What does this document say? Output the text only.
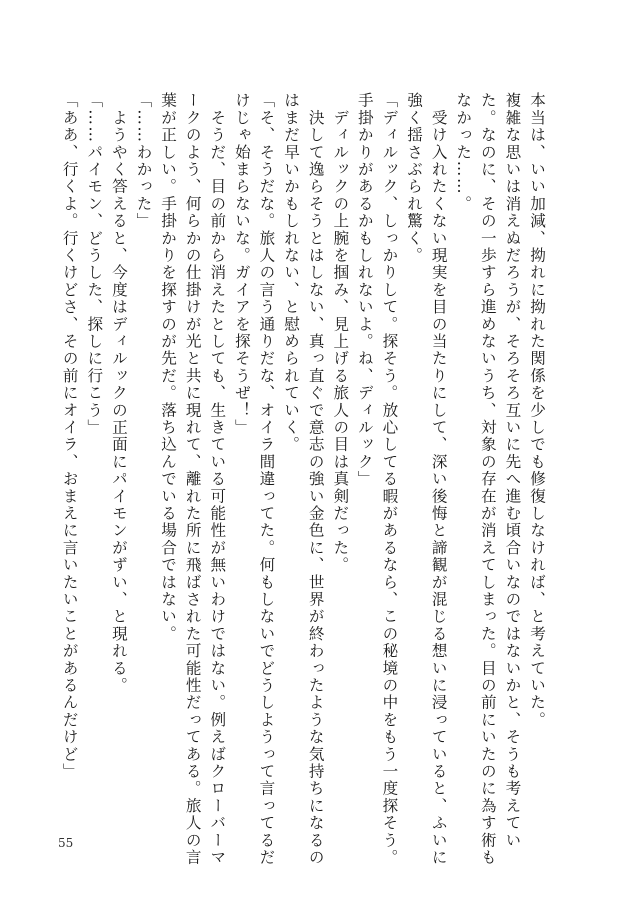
本当は、いい加減、拗れに拗れた関係を少しでも修復しなければ、と考えていた。

複雑な思いは消えぬだろうが、そろそろ互いに先へ進む頃合いなのではないかと、そうも考えてい

た。なのに、その一歩すら進めないうち、対象の存在が消えてしまった。目の前にいたのに為す術も

なかった……。

　受け入れたくない現実を目の当たりにして、深い後悔と諦観が混じる想いに浸っていると、ふいに

強く揺さぶられ驚く。

「ディルック、しっかりして。探そう。放心してる暇があるなら、この秘境の中をもう一度探そう。

手掛かりがあるかもしれないよ。ね、ディルック」

　ディルックの上腕を掴み、見上げる旅人の目は真剣だった。

　決して逸らそうとはしない、真っ直ぐで意志の強い金色に、世界が終わったような気持ちになるの

はまだ早いかもしれない、と慰められていく。

「そ、そうだな。旅人の言う通りだな、オイラ間違ってた。何もしないでどうしようって言ってるだ

けじゃ始まらないな。ガイアを探そうぜ！」

　そうだ、目の前から消えたとしても、生きている可能性が無いわけではない。例えばクローバーマ

ークのよう、何らかの仕掛けが光と共に現れて、離れた所に飛ばされた可能性だってある。旅人の言

葉が正しい。手掛かりを探すのが先だ。落ち込んでいる場合ではない。

「……わかった」

　ようやく答えると、今度はディルックの正面にパイモンがずい、と現れる。

「……パイモン、どうした、探しに行こう」

「ああ、行くよ。行くけどさ、その前にオイラ、おまえに言いたいことがあるんだけど」

55
